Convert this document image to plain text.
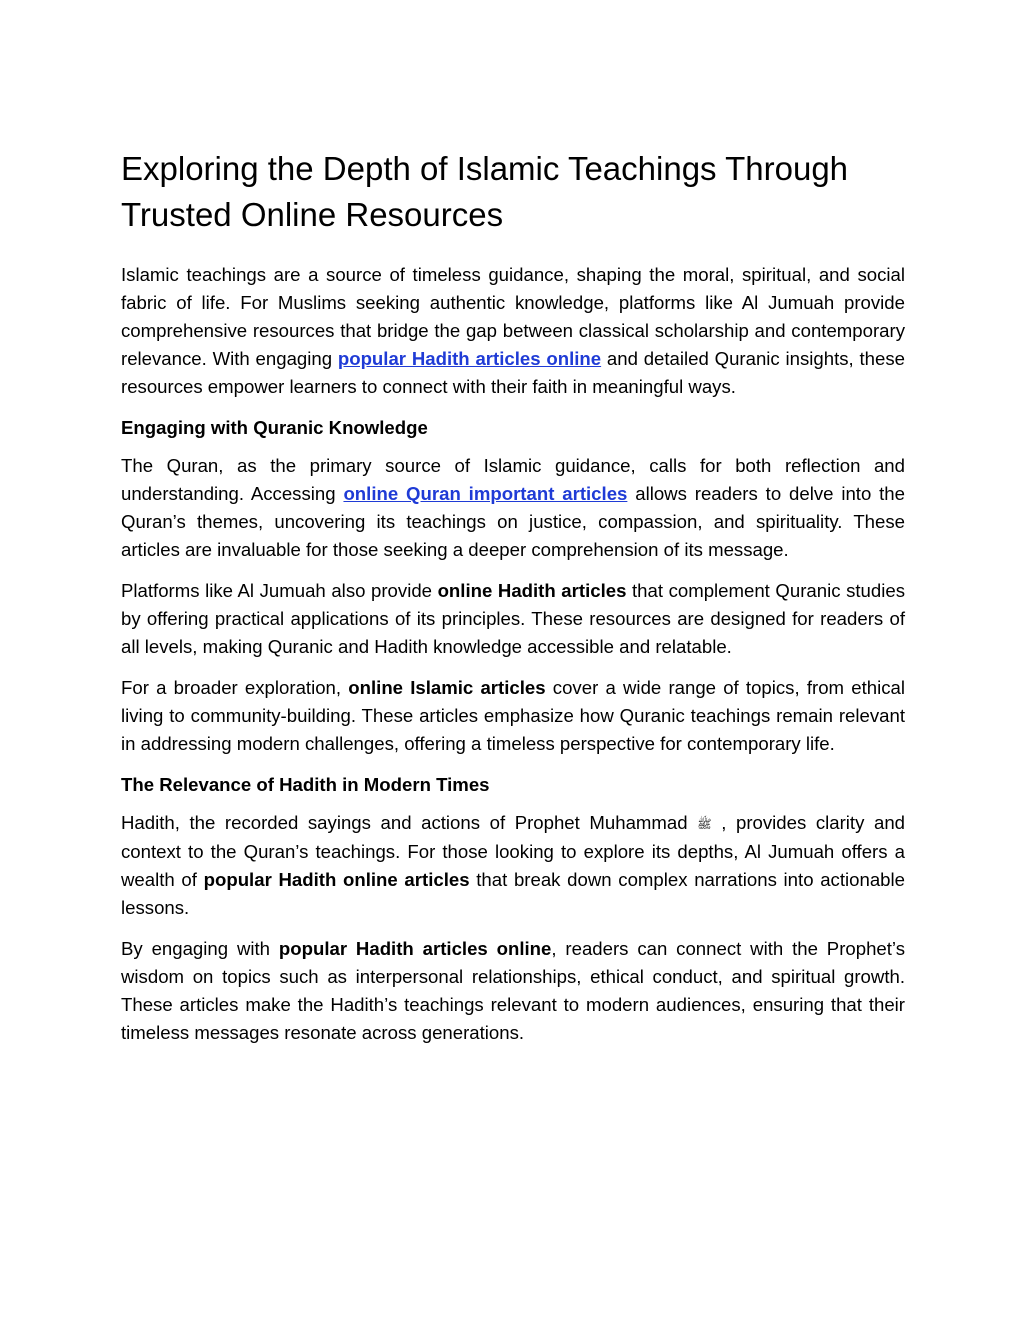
Exploring the Depth of Islamic Teachings Through Trusted Online Resources

Islamic teachings are a source of timeless guidance, shaping the moral, spiritual, and social fabric of life. For Muslims seeking authentic knowledge, platforms like Al Jumuah provide comprehensive resources that bridge the gap between classical scholarship and contemporary relevance. With engaging popular Hadith articles online and detailed Quranic insights, these resources empower learners to connect with their faith in meaningful ways.

Engaging with Quranic Knowledge

The Quran, as the primary source of Islamic guidance, calls for both reflection and understanding. Accessing online Quran important articles allows readers to delve into the Quran’s themes, uncovering its teachings on justice, compassion, and spirituality. These articles are invaluable for those seeking a deeper comprehension of its message.

Platforms like Al Jumuah also provide online Hadith articles that complement Quranic studies by offering practical applications of its principles. These resources are designed for readers of all levels, making Quranic and Hadith knowledge accessible and relatable.

For a broader exploration, online Islamic articles cover a wide range of topics, from ethical living to community-building. These articles emphasize how Quranic teachings remain relevant in addressing modern challenges, offering a timeless perspective for contemporary life.

The Relevance of Hadith in Modern Times

Hadith, the recorded sayings and actions of Prophet Muhammad ﷺ , provides clarity and context to the Quran’s teachings. For those looking to explore its depths, Al Jumuah offers a wealth of popular Hadith online articles that break down complex narrations into actionable lessons.

By engaging with popular Hadith articles online, readers can connect with the Prophet’s wisdom on topics such as interpersonal relationships, ethical conduct, and spiritual growth. These articles make the Hadith’s teachings relevant to modern audiences, ensuring that their timeless messages resonate across generations.
